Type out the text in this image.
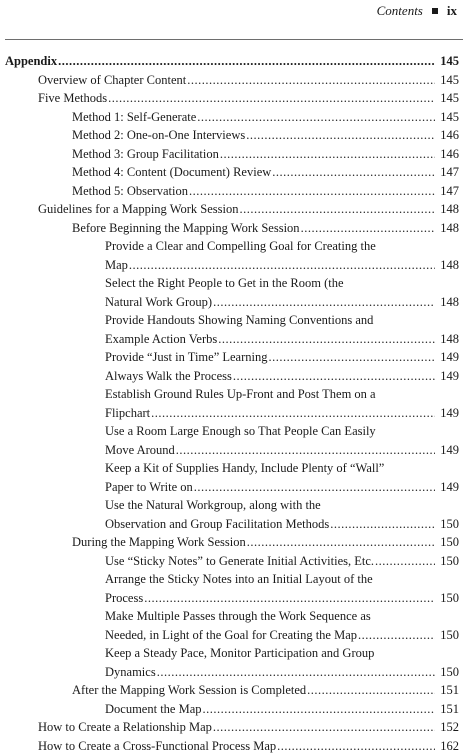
Contents ix
Appendix .....	145
Overview of Chapter Content .....	145
Five Methods .....	145
Method 1: Self-Generate .....	145
Method 2: One-on-One Interviews .....	146
Method 3: Group Facilitation .....	146
Method 4: Content (Document) Review .....	147
Method 5: Observation .....	147
Guidelines for a Mapping Work Session .....	148
Before Beginning the Mapping Work Session .....	148
Provide a Clear and Compelling Goal for Creating the
Map .....	148
Select the Right People to Get in the Room (the
Natural Work Group) .....	148
Provide Handouts Showing Naming Conventions and
Example Action Verbs .....	148
Provide “Just in Time” Learning .....	149
Always Walk the Process .....	149
Establish Ground Rules Up-Front and Post Them on a
Flipchart .....	149
Use a Room Large Enough so That People Can Easily
Move Around .....	149
Keep a Kit of Supplies Handy, Include Plenty of “Wall”
Paper to Write on .....	149
Use the Natural Workgroup, along with the
Observation and Group Facilitation Methods .....	150
During the Mapping Work Session .....	150
Use “Sticky Notes” to Generate Initial Activities, Etc. .....	150
Arrange the Sticky Notes into an Initial Layout of the
Process .....	150
Make Multiple Passes through the Work Sequence as
Needed, in Light of the Goal for Creating the Map .....	150
Keep a Steady Pace, Monitor Participation and Group
Dynamics .....	150
After the Mapping Work Session is Completed .....	151
Document the Map .....	151
How to Create a Relationship Map .....	152
How to Create a Cross-Functional Process Map .....	162
